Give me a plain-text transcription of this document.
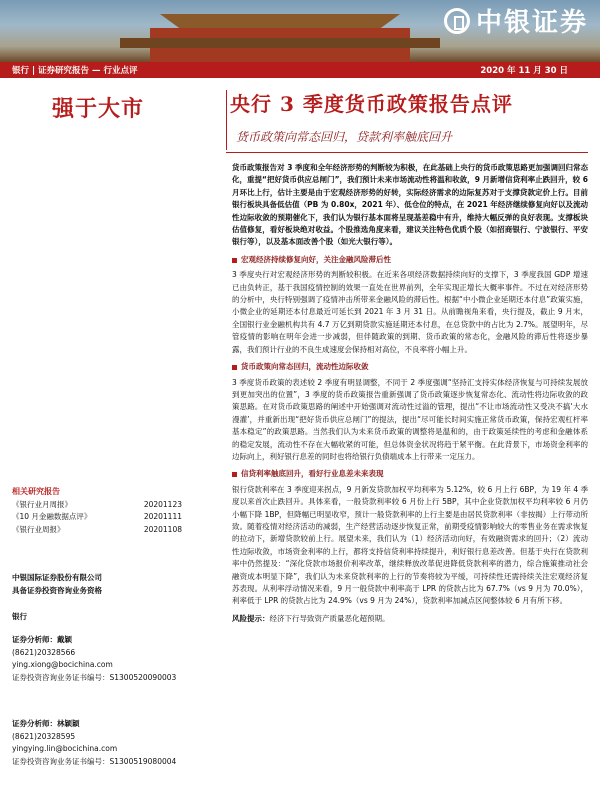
中银证券
银行 | 证券研究报告 — 行业点评	2020 年 11 月 30 日
强于大市	央行 3 季度货币政策报告点评
货币政策向常态回归，贷款利率触底回升
货币政策报告对 3 季度和全年经济形势的判断较为积极，在此基础上央行的货币政策思路更加强调回归常态化，重提“把好货币供应总闸门”，我们预计未来市场流动性将温和收敛，9 月新增信贷利率止跌回升，较 6 月环比上行，估计主要是由于宏观经济形势的好转，实际经济需求的边际复苏对于支撑贷款定价上行。目前银行板块具备低估值（PB 为 0.80x，2021 年）、低仓位的特点，在 2021 年经济继续修复向好以及流动性边际收敛的预期催化下，我们认为银行基本面将呈现基差稳中有升，维持大幅反弹的良好表现。支撑板块估值修复，看好板块绝对收益。个股推选角度来看，建议关注特色优质个股（如招商银行、宁波银行、平安银行等），以及基本面改善个股（如光大银行等）。
宏观经济持续修复向好，关注金融风险滞后性
3 季度央行对宏观经济形势的判断较积极。在近来各项经济数据持续向好的支撑下，3 季度我国 GDP 增速已由负转正，基于我国疫情控制的效果一直处在世界前列，全年实现正增长大概率事件。不过在对经济形势的分析中，央行特别强调了疫情冲击所带来金融风险的滞后性。根据“中小微企业延期还本付息”政策实施，小微企业的延期还本付息最近可延长到 2021 年 3 月 31 日。从前瞻视角来看，央行提及，截止 9 月末，全国银行业金融机构共有 4.7 万亿到期贷款实施延期还本付息，在总贷款中的占比为 2.7%。展望明年，尽管疫情的影响在明年会进一步减弱，但伴随政策的到期、货币政策的常态化，金融风险的滞后性将逐步暴露，我们预计行业的不良生成速度会保持相对高位，不良率将小幅上升。
货币政策向常态回归，流动性边际收敛
3 季度货币政策的表述较 2 季度有明显调整，不同于 2 季度强调“坚持汇支持实体经济恢复与可持续发展放到更加突出的位置”，3 季度的货币政策报告重新强调了货币政策逐步恢复常态化、流动性将边际收敛的政策思路。在对货币政策思路的阐述中开始强调对流动性过溢的管理，提出“不让市场流动性又受决不搞‘大水漫灌’，并重新出现“把好货币供应总闸门”的提法，提出“尽可能长时间实施正常货币政策，保持宏观杠杆率基本稳定”的政策思路。当然我们认为未来货币政策的调整将是温和的，由于政策延续性的考虑和金融体系的稳定发展，流动性不存在大幅收紧的可能，但总体资金状况将趋于紧平衡。在此背景下，市场资金利率的边际向上，利好银行息差的同时也将给银行负债端成本上行带来一定压力。
信贷利率触底回升，看好行业息差未来表现
银行贷款利率在 3 季度迎来拐点，9 月新发贷款加权平均利率为 5.12%，较 6 月上行 6BP，为 19 年 4 季度以来首次止跌回升。具体来看，一般贷款利率较 6 月份上行 5BP，其中企业贷款加权平均利率较 6 月仍小幅下降 1BP，但降幅已明显收窄，预计一般贷款利率的上行主要是由居民贷款利率（非按揭）上行带动所致。随着疫情对经济活动的减弱，生产经营活动逐步恢复正常，前期受疫情影响较大的零售业务在需求恢复的拉动下，新增贷款较前上行。展望未来，我们认为（1）经济活动向好，有效融资需求的回升；（2）流动性边际收敛，市场资金利率的上行，都将支持信贷利率持续提升，利好银行息差改善。但基于央行在贷款利率中仍然提及：“深化贷款市场报价利率改革，继续释放改革促进降低贷款利率的潜力，综合施策推动社会融资成本明显下降”，我们认为未来贷款利率的上行的节奏将较为平缓，可持续性还需持续关注宏观经济复苏表现。从利率浮动情况来看，9 月一般贷款中利率高于 LPR 的贷款占比为 67.7%（vs 9 月为 70.0%），利率低于 LPR 的贷款占比为 24.9%（vs 9 月为 24%），贷款利率加减点区间整体较 6 月有所下移。
风险提示：经济下行导致资产质量恶化超预期。
相关研究报告
《银行业月周报》	20201123
《10 月金融数据点评》	20201111
《银行业周报》	20201108
中银国际证券股份有限公司
具备证券投资咨询业务资格
银行
证券分析师：戴颖
(8621)20328566
ying.xiong@bocichina.com
证券投资咨询业务证书编号：S1300520090003
证券分析师：林颖颖
(8621)20328595
yingying.lin@bocichina.com
证券投资咨询业务证书编号：S1300519080004
